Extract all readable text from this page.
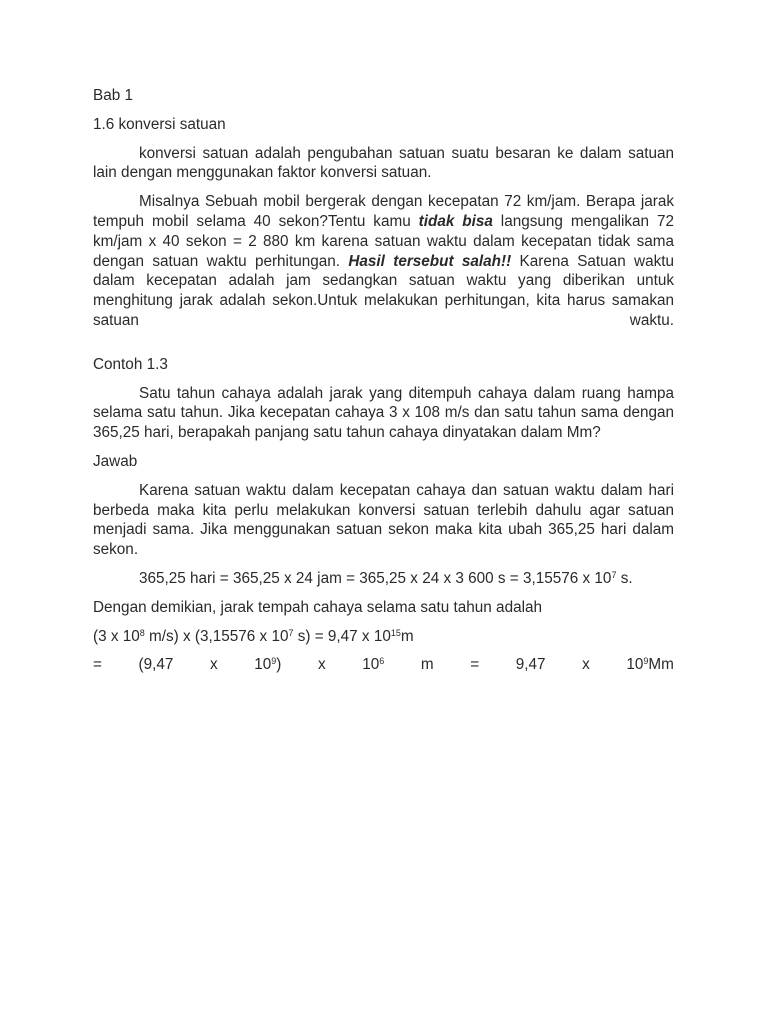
Bab 1

1.6 konversi satuan

konversi satuan adalah pengubahan satuan suatu besaran ke dalam satuan lain dengan menggunakan faktor konversi satuan.

Misalnya Sebuah mobil bergerak dengan kecepatan 72 km/jam. Berapa jarak tempuh mobil selama 40 sekon?Tentu kamu tidak bisa langsung mengalikan 72 km/jam x 40 sekon = 2 880 km karena satuan waktu dalam kecepatan tidak sama dengan satuan waktu perhitungan. Hasil tersebut salah!! Karena Satuan waktu dalam kecepatan adalah jam sedangkan satuan waktu yang diberikan untuk menghitung jarak adalah sekon.Untuk melakukan perhitungan, kita harus samakan satuan waktu.

Contoh 1.3

Satu tahun cahaya adalah jarak yang ditempuh cahaya dalam ruang hampa selama satu tahun. Jika kecepatan cahaya 3 x 108 m/s dan satu tahun sama dengan 365,25 hari, berapakah panjang satu tahun cahaya dinyatakan dalam Mm?

Jawab

Karena satuan waktu dalam kecepatan cahaya dan satuan waktu dalam hari berbeda maka kita perlu melakukan konversi satuan terlebih dahulu agar satuan menjadi sama. Jika menggunakan satuan sekon maka kita ubah 365,25 hari dalam sekon.

365,25 hari = 365,25 x 24 jam = 365,25 x 24 x 3 600 s = 3,15576 x $10^7$ s.

Dengan demikian, jarak tempah cahaya selama satu tahun adalah

(3 x $10^8$ m/s) x (3,15576 x $10^7$ s) = 9,47 x $10^{15}m$

= (9,47 x $10^9$) x $10^6$ m = 9,47 x $10^9Mm$
